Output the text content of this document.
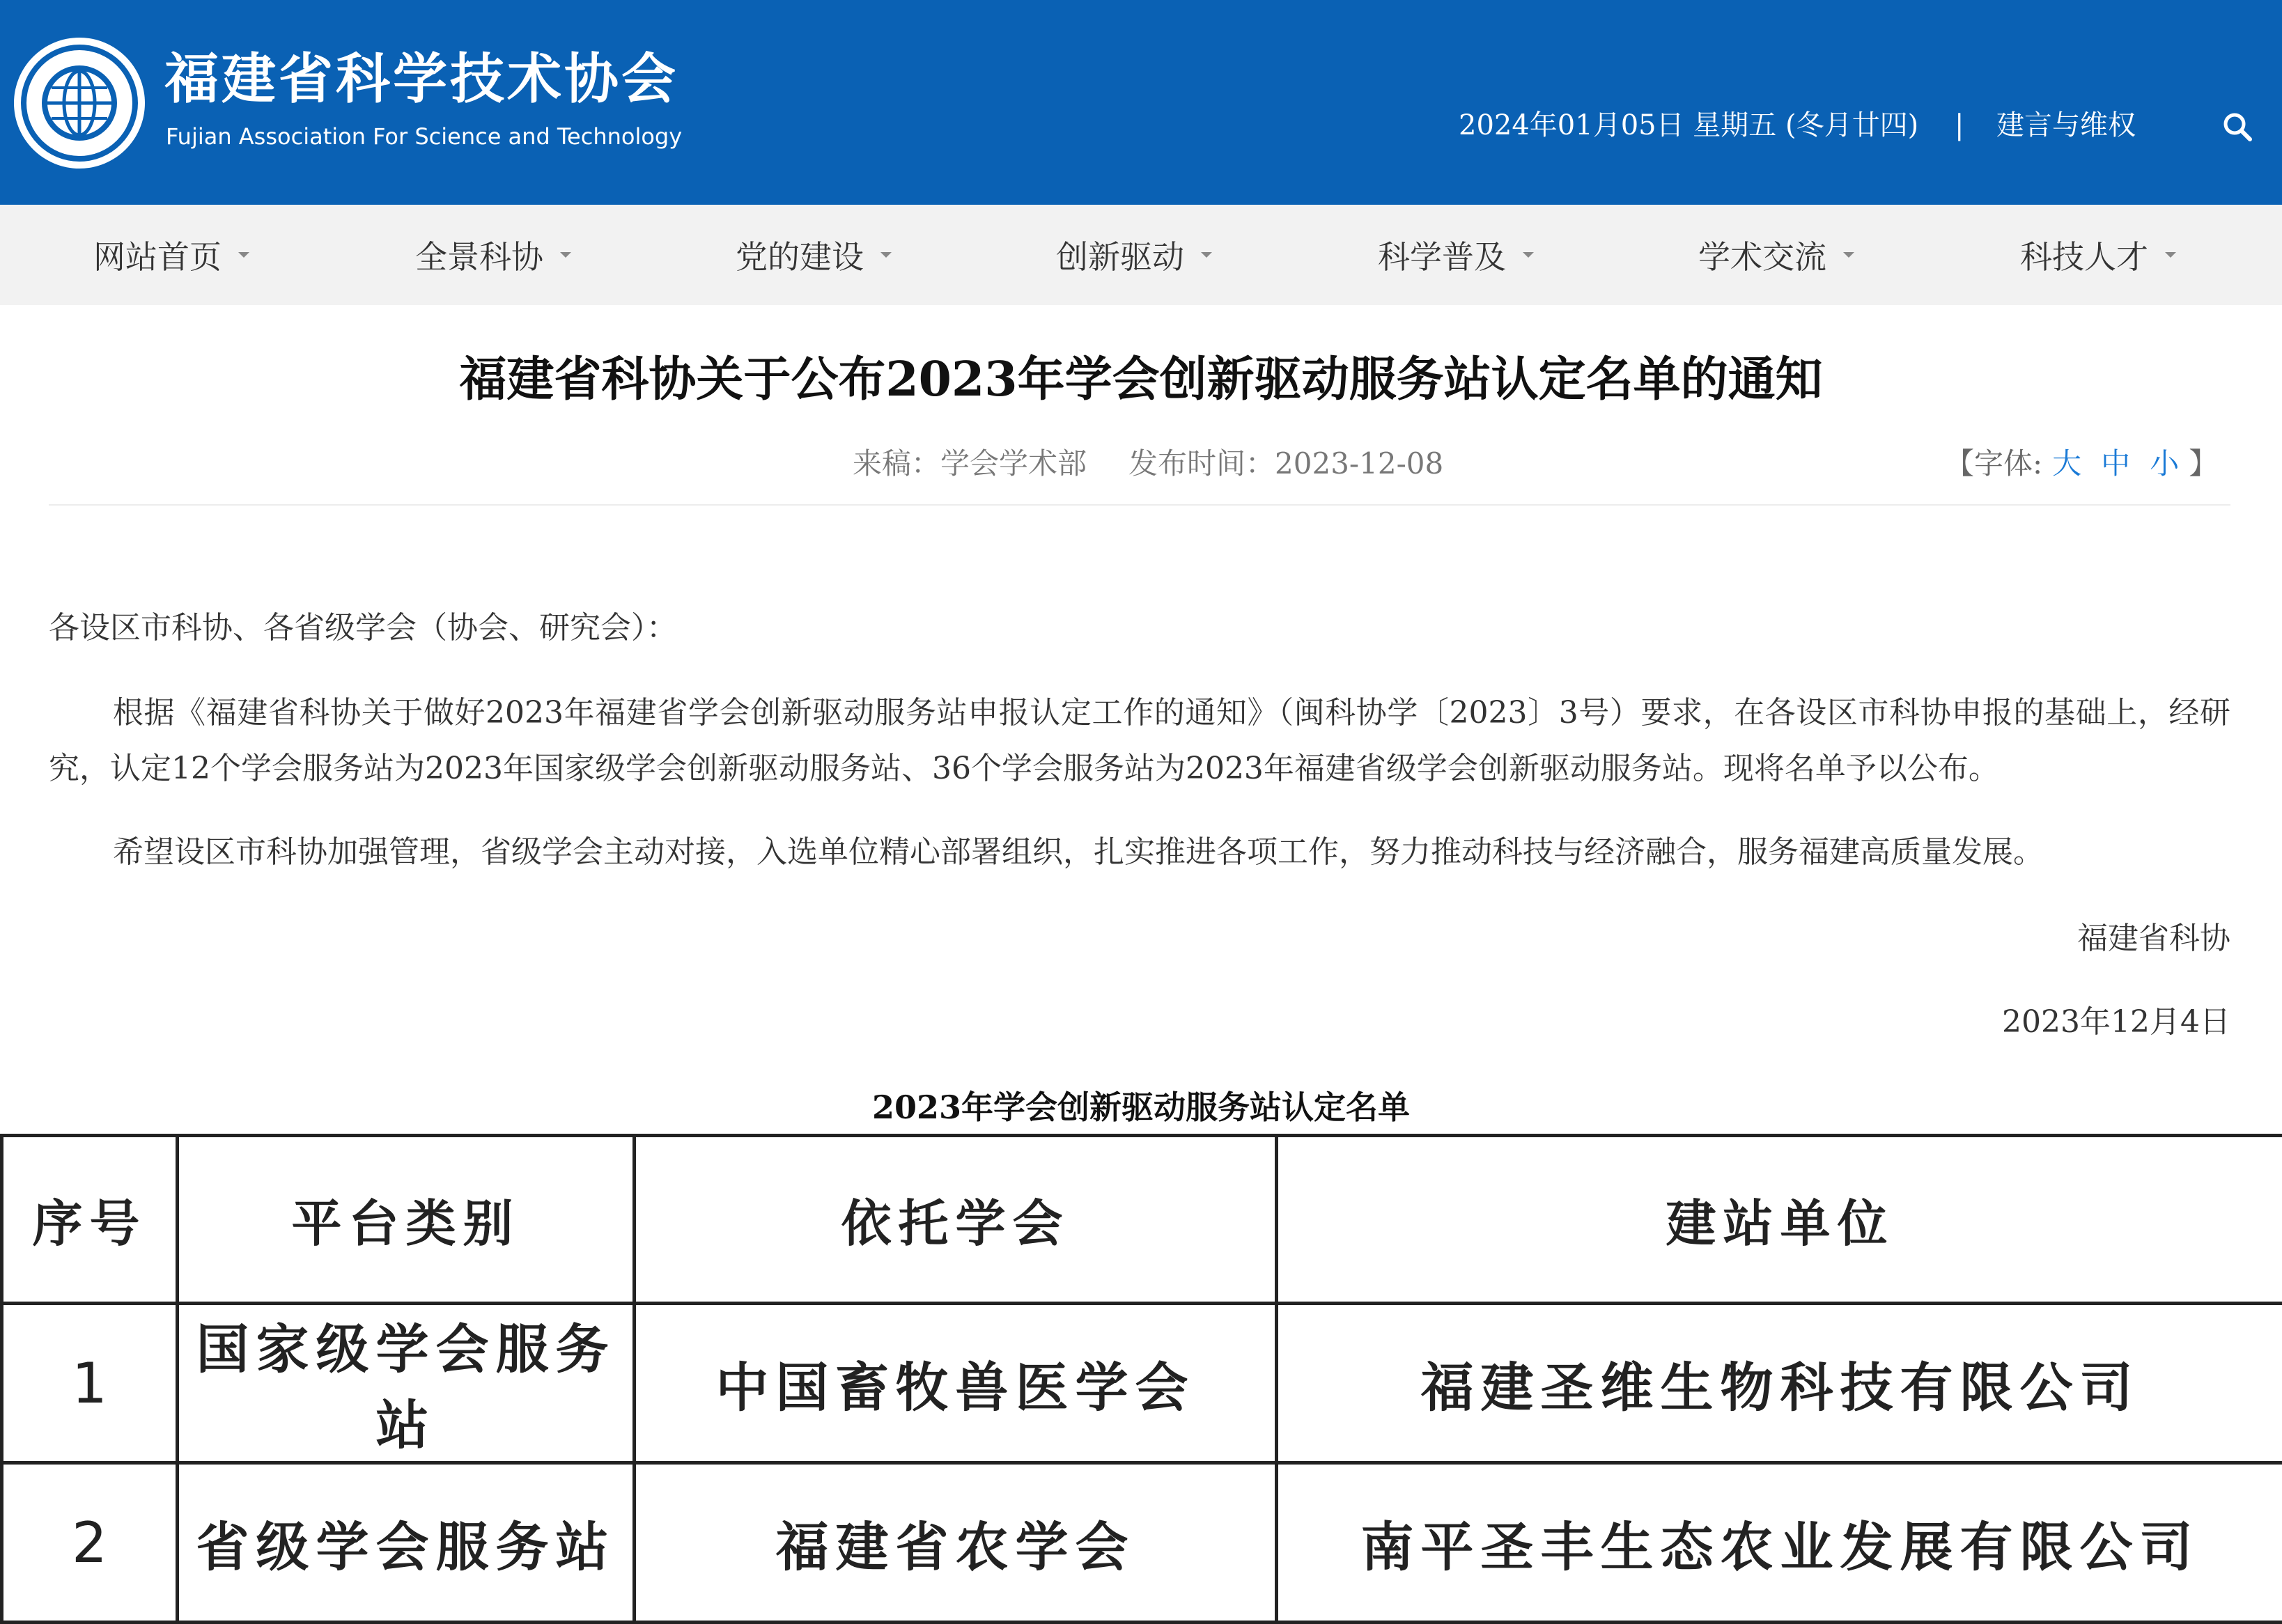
福建省科学技术协会
Fujian Association For Science and Technology	2024年01月05日 星期五 (冬月廿四) | 建言与维权
网站首页	全景科协	党的建设	创新驱动	科学普及	学术交流	科技人才
福建省科协关于公布2023年学会创新驱动服务站认定名单的通知
来稿：学会学术部 发布时间：2023-12-08	【字体: 大 中 小 】
各设区市科协、各省级学会（协会、研究会）：
根据《福建省科协关于做好2023年福建省学会创新驱动服务站申报认定工作的通知》（闽科协学〔2023〕3号）要求，在各设区市科协申报的基础上，经研究，认定12个学会服务站为2023年国家级学会创新驱动服务站、36个学会服务站为2023年福建省级学会创新驱动服务站。现将名单予以公布。
希望设区市科协加强管理，省级学会主动对接，入选单位精心部署组织，扎实推进各项工作，努力推动科技与经济融合，服务福建高质量发展。
福建省科协
2023年12月4日
2023年学会创新驱动服务站认定名单
序号	平台类别	依托学会	建站单位
1	国家级学会服务站	中国畜牧兽医学会	福建圣维生物科技有限公司
2	省级学会服务站	福建省农学会	南平圣丰生态农业发展有限公司
